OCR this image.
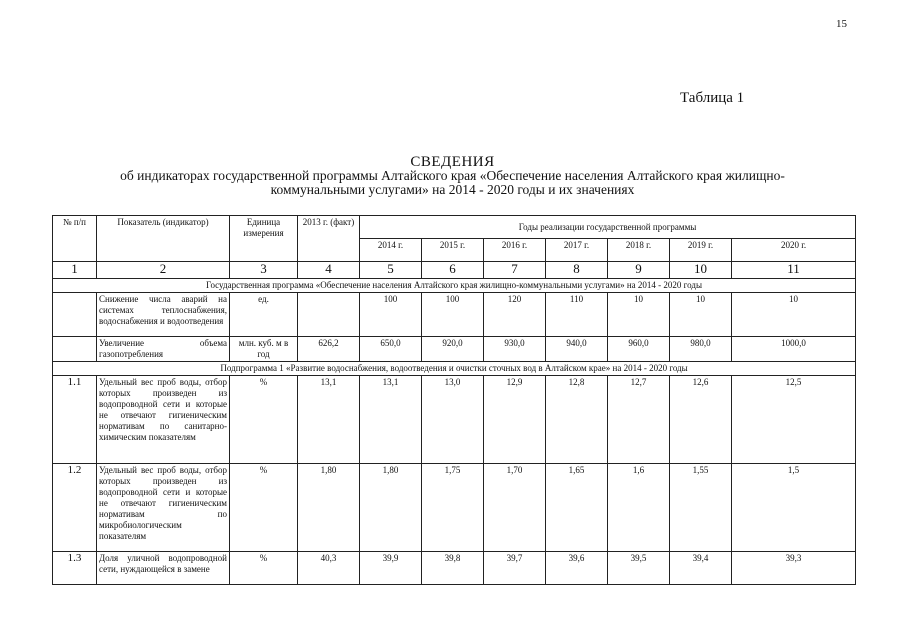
15
Таблица 1
СВЕДЕНИЯ
об индикаторах государственной программы Алтайского края «Обеспечение населения Алтайского края жилищно-
коммунальными услугами» на 2014 - 2020 годы и их значениях
№ п/п	Показатель (индикатор)	Единица измерения	2013 г. (факт)	Годы реализации государственной программы						
				2014 г.	2015 г.	2016 г.	2017 г.	2018 г.	2019 г.	2020 г.
1	2	3	4	5	6	7	8	9	10	11
Государственная программа «Обеспечение населения Алтайского края жилищно-коммунальными услугами» на 2014 - 2020 годы										
	Снижение числа аварий на системах теплоснабжения, водоснабжения и водоотведения	ед.		100	100	120	110	10	10	10
	Увеличение объема газопотребления	млн. куб. м в год	626,2	650,0	920,0	930,0	940,0	960,0	980,0	1000,0
Подпрограмма 1 «Развитие водоснабжения, водоотведения и очистки сточных вод в Алтайском крае» на 2014 - 2020 годы										
1.1	Удельный вес проб воды, отбор которых произведен из водопроводной сети и которые не отвечают гигиеническим нормативам по санитарно-химическим показателям	%	13,1	13,1	13,0	12,9	12,8	12,7	12,6	12,5
1.2	Удельный вес проб воды, отбор которых произведен из водопроводной сети и которые не отвечают гигиеническим нормативам по микробиологическим показателям	%	1,80	1,80	1,75	1,70	1,65	1,6	1,55	1,5
1.3	Доля уличной водопроводной сети, нуждающейся в замене	%	40,3	39,9	39,8	39,7	39,6	39,5	39,4	39,3
